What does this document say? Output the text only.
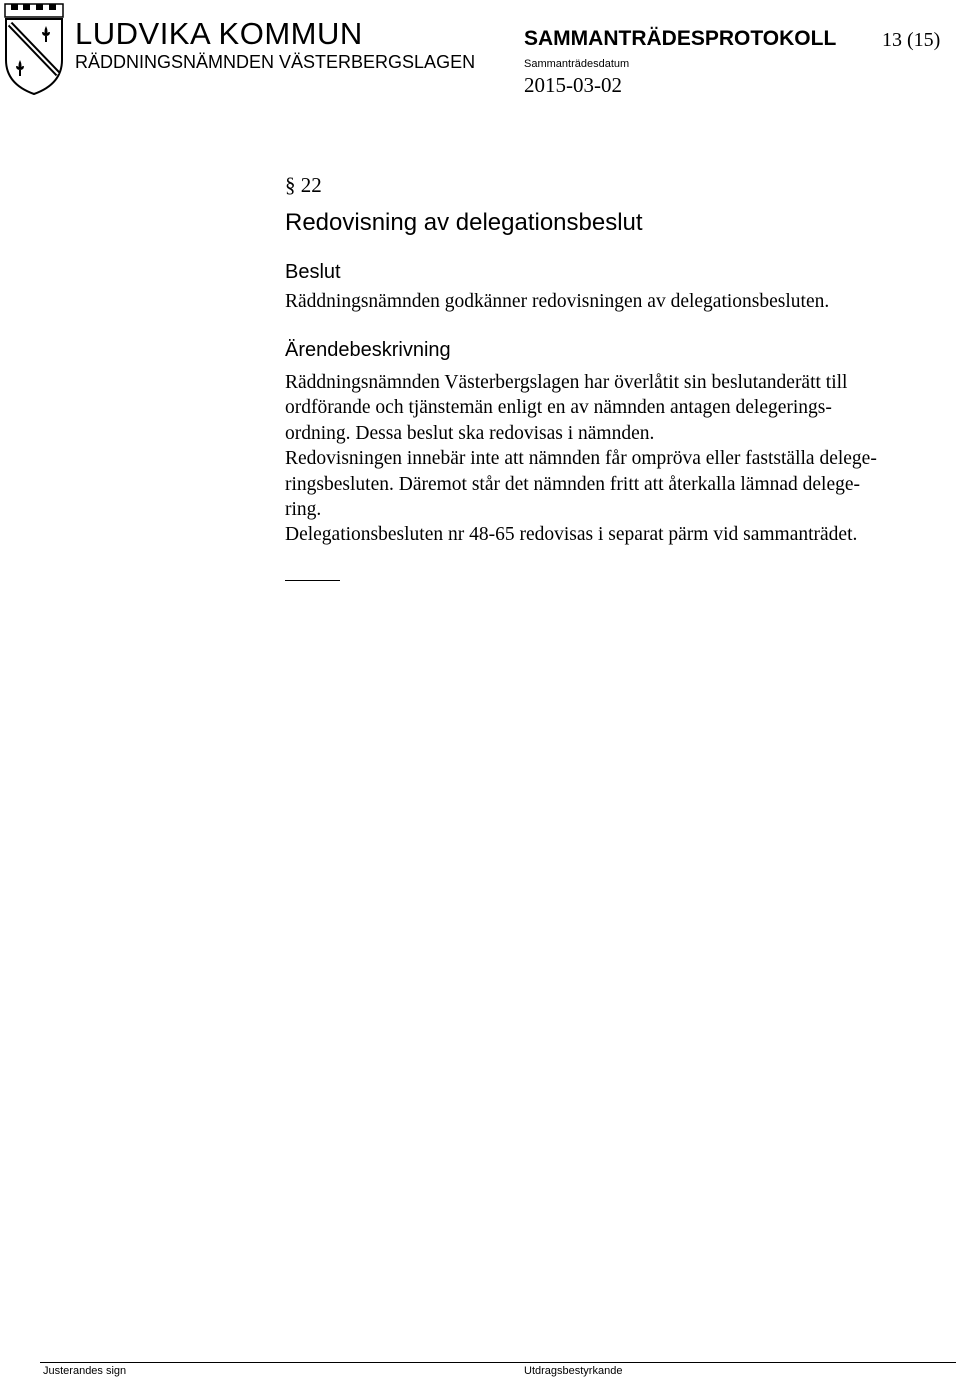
LUDVIKA KOMMUN
RÄDDNINGSNÄMNDEN VÄSTERBERGSLAGEN
SAMMANTRÄDESPROTOKOLL 13 (15)
Sammanträdesdatum
2015-03-02
§ 22
Redovisning av delegationsbeslut
Beslut
Räddningsnämnden godkänner redovisningen av delegationsbesluten.
Ärendebeskrivning
Räddningsnämnden Västerbergslagen har överlåtit sin beslutanderätt till
ordförande och tjänstemän enligt en av nämnden antagen delegerings-
ordning. Dessa beslut ska redovisas i nämnden.
Redovisningen innebär inte att nämnden får ompröva eller fastställa delege-
ringsbesluten. Däremot står det nämnden fritt att återkalla lämnad delege-
ring.
Delegationsbesluten nr 48-65 redovisas i separat pärm vid sammanträdet.
Justerandes sign	Utdragsbestyrkande
